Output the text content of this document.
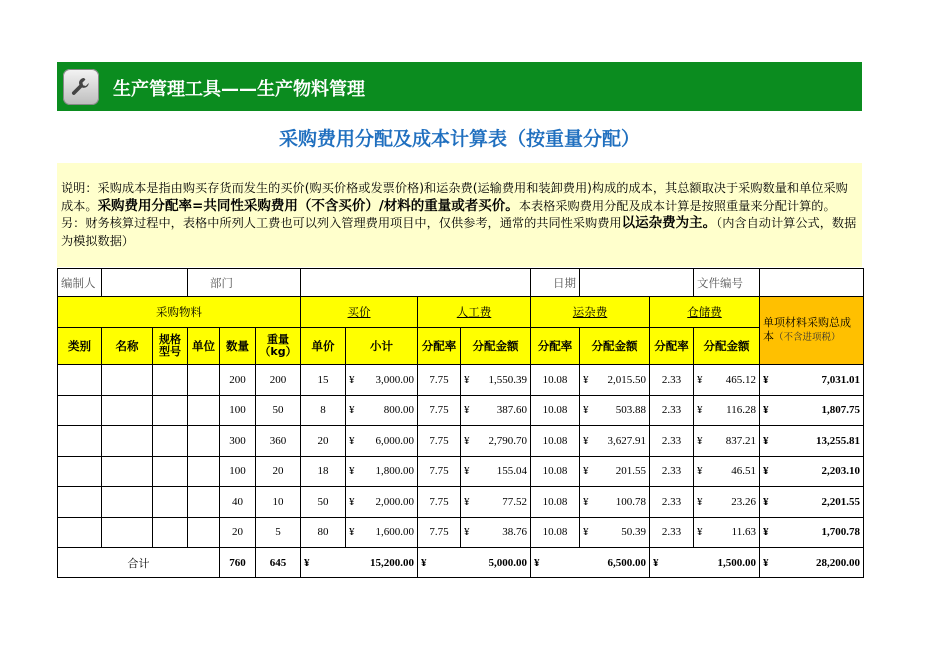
生产管理工具——生产物料管理
采购费用分配及成本计算表（按重量分配）
说明：采购成本是指由购买存货而发生的买价(购买价格或发票价格)和运杂费(运输费用和装卸费用)构成的成本，其总额取决于采购数量和单位采购成本。采购费用分配率=共同性采购费用（不含买价）/材料的重量或者买价。本表格采购费用分配及成本计算是按照重量来分配计算的。另：财务核算过程中，表格中所列人工费也可以列入管理费用项目中，仅供参考，通常的共同性采购费用以运杂费为主。（内含自动计算公式，数据为模拟数据）
编制人			部门							日期			文件编号	
采购物料						买价		人工费		运杂费		仓储费		单项材料采购总成本（不含进项税）
类别	名称	规格型号	单位	数量	重量（kg）	单价	小计	分配率	分配金额	分配率	分配金额	分配率	分配金额	
				200	200	15	¥ 3,000.00	7.75	¥ 1,550.39	10.08	¥ 2,015.50	2.33	¥ 465.12	¥ 7,031.01

				100	50	8	¥ 800.00	7.75	¥ 387.60	10.08	¥ 503.88	2.33	¥ 116.28	¥ 1,807.75

				300	360	20	¥ 6,000.00	7.75	¥ 2,790.70	10.08	¥ 3,627.91	2.33	¥ 837.21	¥ 13,255.81

				100	20	18	¥ 1,800.00	7.75	¥ 155.04	10.08	¥ 201.55	2.33	¥ 46.51	¥ 2,203.10

				40	10	50	¥ 2,000.00	7.75	¥ 77.52	10.08	¥ 100.78	2.33	¥ 23.26	¥ 2,201.55

				20	5	80	¥ 1,600.00	7.75	¥ 38.76	10.08	¥ 50.39	2.33	¥ 11.63	¥ 1,700.78

合计				760	645	¥ 15,200.00		¥ 5,000.00		¥ 6,500.00		¥ 1,500.00		¥ 28,200.00
